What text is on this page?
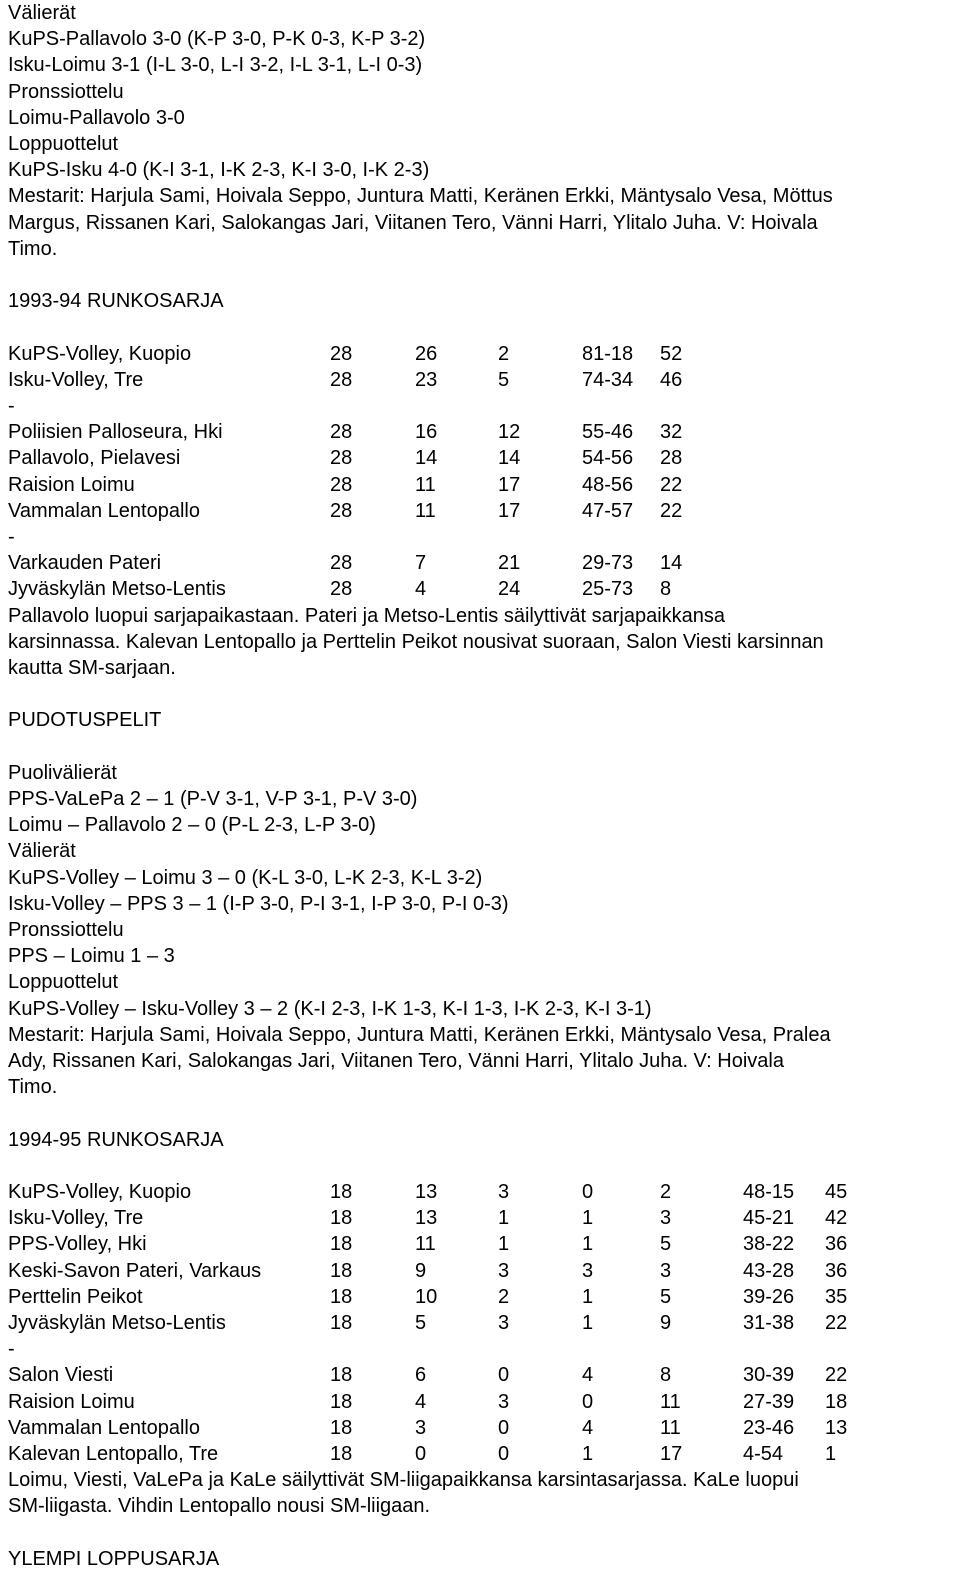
Välierät
KuPS-Pallavolo 3-0 (K-P 3-0, P-K 0-3, K-P 3-2)
Isku-Loimu 3-1 (I-L 3-0, L-I 3-2, I-L 3-1, L-I 0-3)
Pronssiottelu
Loimu-Pallavolo 3-0
Loppuottelut
KuPS-Isku 4-0 (K-I 3-1, I-K 2-3, K-I 3-0, I-K 2-3)
Mestarit: Harjula Sami, Hoivala Seppo, Juntura Matti, Keränen Erkki, Mäntysalo Vesa, Möttus
Margus, Rissanen Kari, Salokangas Jari, Viitanen Tero, Vänni Harri, Ylitalo Juha. V: Hoivala
Timo.
1993-94 RUNKOSARJA
KuPS-Volley, Kuopio	28	26	2	81-18 52
Isku-Volley, Tre	28	23	5	74-34 46
-
Poliisien Palloseura, Hki	28	16	12	55-46 32
Pallavolo, Pielavesi	28	14	14	54-56 28
Raision Loimu	28	11	17	48-56 22
Vammalan Lentopallo	28	11	17	47-57 22
-
Varkauden Pateri	28	7	21	29-73 14
Jyväskylän Metso-Lentis	28	4	24	25-73 8
Pallavolo luopui sarjapaikastaan. Pateri ja Metso-Lentis säilyttivät sarjapaikkansa
karsinnassa. Kalevan Lentopallo ja Perttelin Peikot nousivat suoraan, Salon Viesti karsinnan
kautta SM-sarjaan.
PUDOTUSPELIT
Puolivälierät
PPS-VaLePa 2 – 1 (P-V 3-1, V-P 3-1, P-V 3-0)
Loimu – Pallavolo 2 – 0 (P-L 2-3, L-P 3-0)
Välierät
KuPS-Volley – Loimu 3 – 0 (K-L 3-0, L-K 2-3, K-L 3-2)
Isku-Volley – PPS 3 – 1 (I-P 3-0, P-I 3-1, I-P 3-0, P-I 0-3)
Pronssiottelu
PPS – Loimu 1 – 3
Loppuottelut
KuPS-Volley – Isku-Volley 3 – 2 (K-I 2-3, I-K 1-3, K-I 1-3, I-K 2-3, K-I 3-1)
Mestarit: Harjula Sami, Hoivala Seppo, Juntura Matti, Keränen Erkki, Mäntysalo Vesa, Pralea
Ady, Rissanen Kari, Salokangas Jari, Viitanen Tero, Vänni Harri, Ylitalo Juha. V: Hoivala
Timo.
1994-95 RUNKOSARJA
KuPS-Volley, Kuopio	18	13	3	0	2	48-15 45
Isku-Volley, Tre	18	13	1	1	3	45-21 42
PPS-Volley, Hki	18	11	1	1	5	38-22 36
Keski-Savon Pateri, Varkaus	18	9	3	3	3	43-28 36
Perttelin Peikot	18	10	2	1	5	39-26 35
Jyväskylän Metso-Lentis	18	5	3	1	9	31-38 22
-
Salon Viesti	18	6	0	4	8	30-39 22
Raision Loimu	18	4	3	0	11	27-39 18
Vammalan Lentopallo	18	3	0	4	11	23-46 13
Kalevan Lentopallo, Tre	18	0	0	1	17	4-54 1
Loimu, Viesti, VaLePa ja KaLe säilyttivät SM-liigapaikkansa karsintasarjassa. KaLe luopui
SM-liigasta. Vihdin Lentopallo nousi SM-liigaan.
YLEMPI LOPPUSARJA
